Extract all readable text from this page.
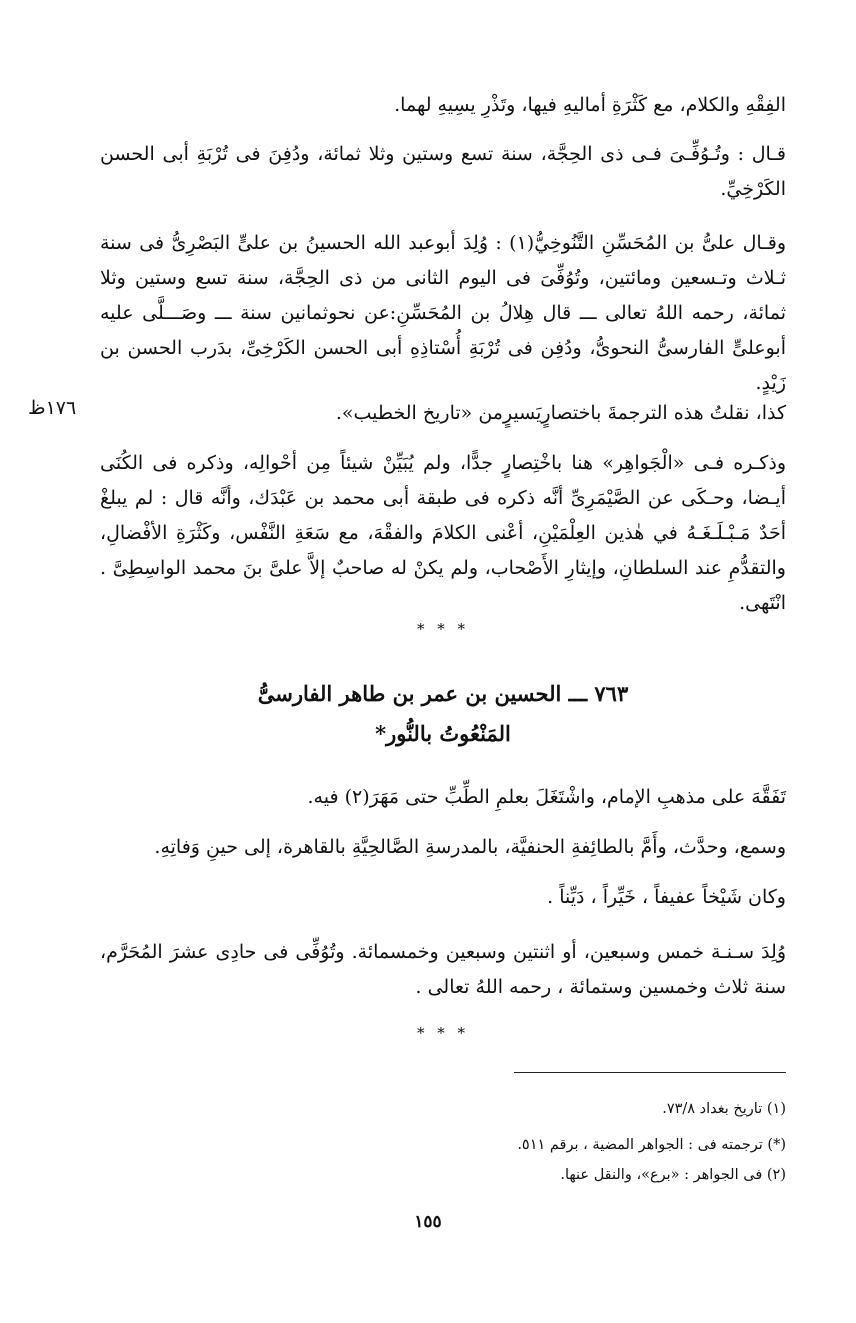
الفِقْهِ والكلام، مع كَثْرَةِ أماليهِ فيها، وتَذْرِ يسِيهِ لهما.

قـال : وتُـوُفِّـىَ فـى ذى الحِجَّة، سنة تسع وستين وثلا ثمائة، ودُفِنَ فى تُرْبَةِ أبى الحسن الكَرْخِيِّ.

وقـال علىُّ بن المُحَسِّنِ التَّنُوخِيُّ(١) : وُلِدَ أبوعبد الله الحسينُ بن علىٍّ البَصْرِىُّ فى سنة ثـلاث وتـسعين ومائتين، وتُوُفِّىَ فى اليوم الثانى من ذى الحِجَّة، سنة تسع وستين وثلا ثمائة، رحمه اللهُ تعالى ـــ قال هِلالُ بن المُحَسِّنِ:عن نحوثمانين سنة ـــ وصَـــلَّى عليه أبوعلىٍّ الفارسىُّ النحوىُّ، ودُفِن فى تُرْبَةِ أُسْتاذِهِ أبى الحسن الكَرْخِىِّ، بدَرب الحسن بن زَيْدٍ.

كذا، نقلتُ هذه الترجمةَ باختصارٍيَسيرٍمن «تاريخ الخطيب».

١٧٦ظ

وذكـره فـى «الْجَواهِر» هنا باخْتِصارٍ جدًّا، ولم يُبَيِّنْ شيئاً مِن أحْوالِه، وذكره فى الكُنَى أيـضا، وحـكَى عن الصَّيْمَرِىِّ أنَّه ذكره فى طبقة أبى محمد بن عَبْدَك، وأنَّه قال : لم يبلغْ أحَدٌ مَـبْـلَـغَـهُ في هٰذين العِلْمَيْنِ، أعْنى الكلامَ والفقْهَ، مع سَعَةِ النَّفْس، وكَثْرَةِ الأفْضالِ، والتقدُّمِ عند السلطانِ، وإيثارِ الأَصْحاب، ولم يكنْ له صاحبٌ إلاَّ علىَّ بنَ محمد الواسِطِىَّ . انْتَهى.

* * *
٧٦٣ ـــ الحسين بن عمر بن طاهر الفارسىُّ
المَنْعُوتُ بالنُّور*

تَفَقَّهَ على مذهبِ الإمام، واشْتَغَلَ بعلمِ الطِّبِّ حتى مَهَرَ(٢) فيه.

وسمع، وحدَّث، وأَمَّ بالطائِفةِ الحنفيَّة، بالمدرسةِ الصَّالحِيَّةِ بالقاهرة، إلى حينِ وَفاتِهِ.

وكان شَيْخاً عفيفاً ، خَيِّراً ، دَيِّناً .

وُلِدَ سـنـة خمس وسبعين، أو اثنتين وسبعين وخمسمائة. وتُوُفِّى فى حادِى عشرَ المُحَرَّم، سنة ثلاث وخمسين وستمائة ، رحمه اللهُ تعالى .

* * *
(١) تاريخ بغداد ٧٣/٨.
(*) ترجمته فى : الجواهر المضية ، برقم ٥١١.
(٢) فى الجواهر : «برع»، والنقل عنها.
١٥٥
